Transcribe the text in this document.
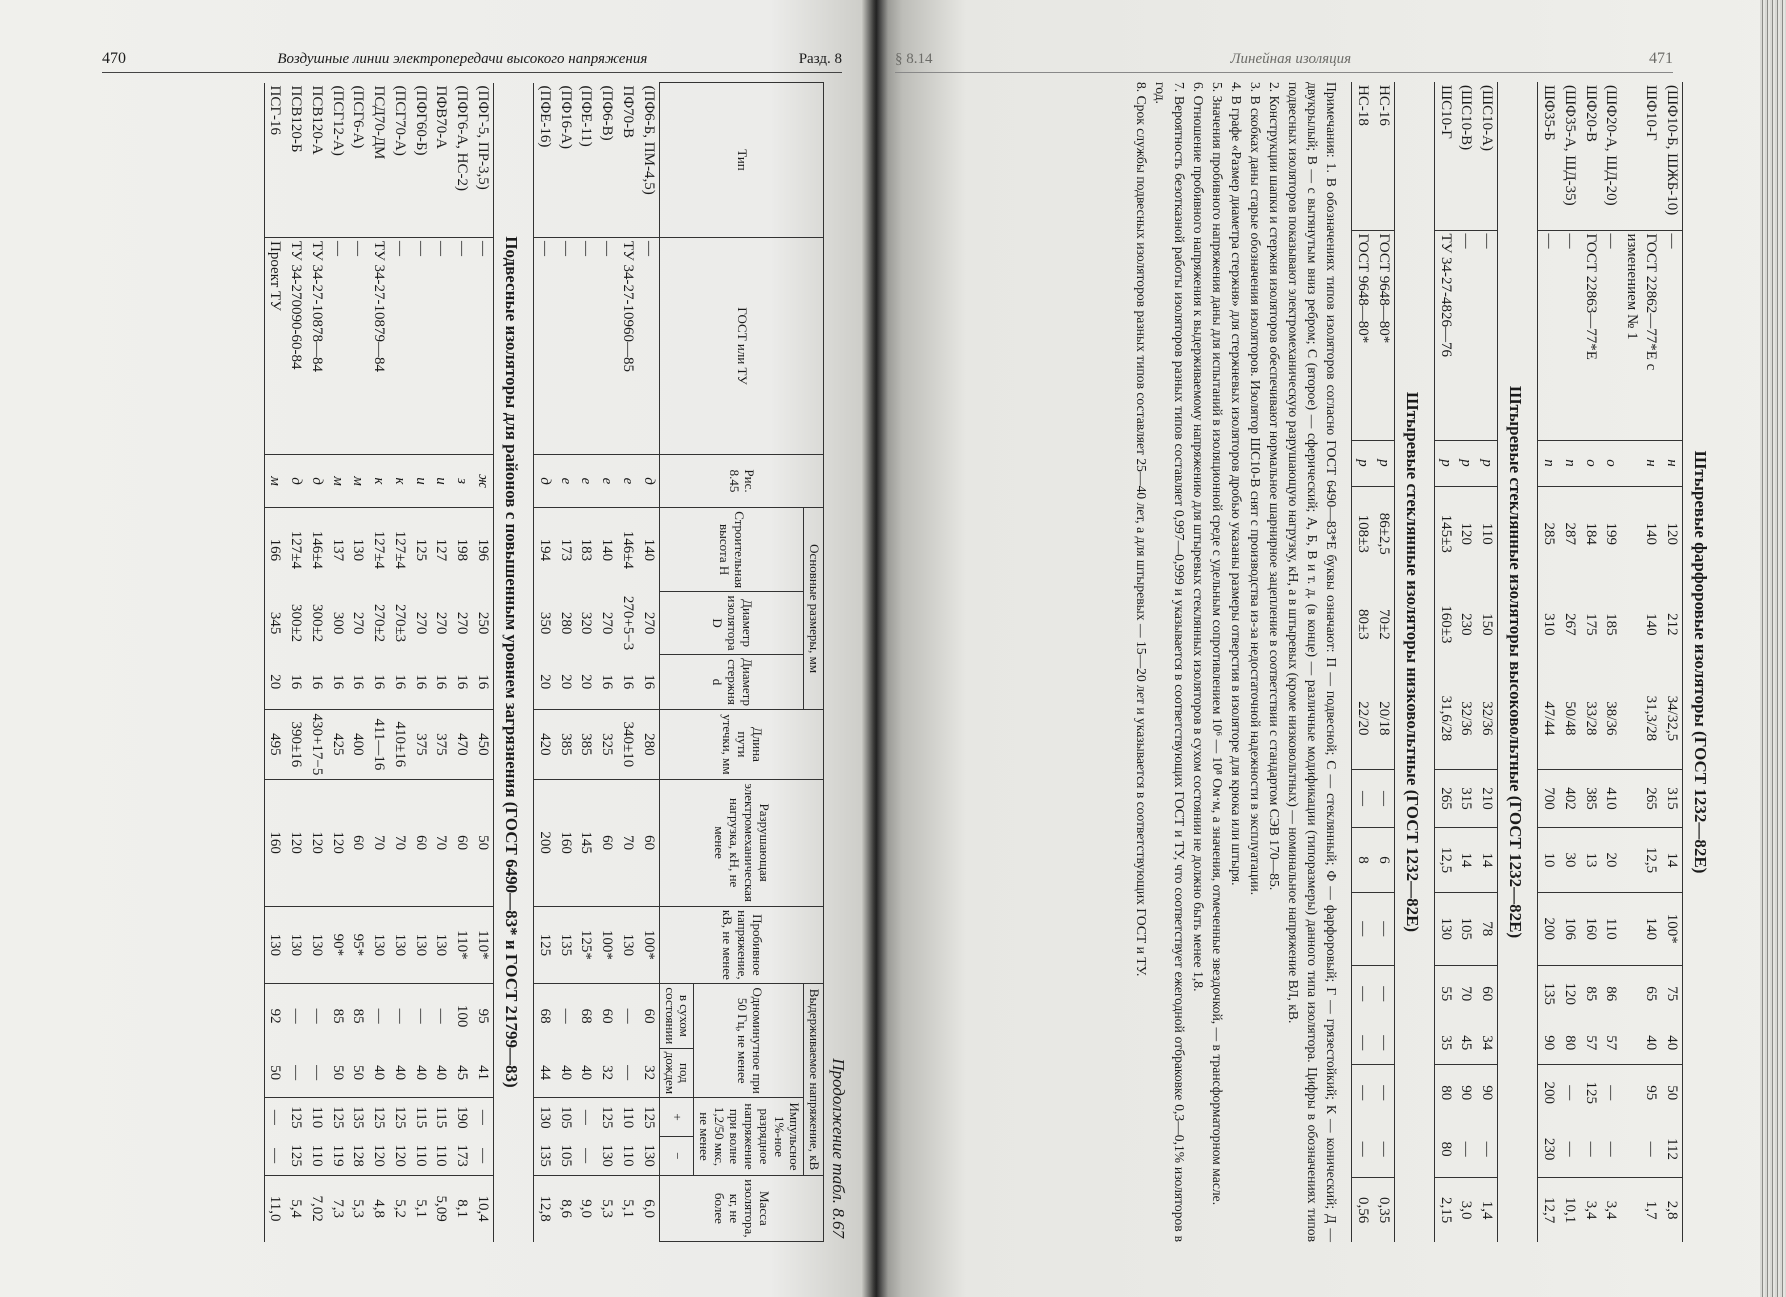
470	Воздушные линии электропередачи высокого напряжения	Разд. 8	§ 8.14	Линейная изоляция	471
Продолжение табл. 8.67
Тип	ГОСТ или ТУ	Рис. 8.45	Основные размеры, мм			Длина пути утечки, мм	Разрушающая электромеханическая нагрузка, кН, не менее	Пробивное напряжение, кВ, не менее	Выдерживаемое напряжение, кВ				Масса изолятора, кг, не более
			Строительная высота H	Диаметр изолятора D	Диаметр стержня d				Одноминутное при 50 Гц, не менее		Импульсное 1%-ное разрядное напряжение при волне 1,2/50 мкс, не менее		
									в сухом состоянии	под дождем	+	−	
(ПФ6-Б, ПМ-4,5)	—	д	140	270	16	280	60	100*	60	32	125	130	6,0
ПФ70-В	ТУ 34-27-10960—85	е	146±4	270+5−3	16	340±10	70	130	—	—	110	110	5,1
(ПФ6-В)	—	е	140	270	16	325	60	100*	60	32	125	130	5,3
(ПФЕ-11)	—	е	183	320	20	385	145	125*	68	40	—	—	9,0
(ПФ16-А)	—	е	173	280	20	385	160	135	—	40	105	105	8,6
(ПФЕ-16)	—	д	194	350	20	420	200	125	68	44	130	135	12,8

Подвесные изоляторы для районов с повышенным уровнем загрязнения (ГОСТ 6490—83* и ГОСТ 21799—83)													

(ПФГ-5, ПР-3,5)	—	ж	196	250	16	450	50	110*	95	41	—	—	10,4
(ПФГ6-А, НС-2)	—	з	198	270	16	470	60	110*	100	45	190	173	8,1
ПФВ70-А	—	и	127	270	16	375	70	130	—	40	115	110	5,09
(ПФГ60-Б)	—	и	125	270	16	375	60	130	—	40	115	110	5,1
(ПСГ70-А)	—	к	127±4	270±3	16	410±16	70	130	—	40	125	120	5,2
ПСД70-ДМ	ТУ 34-27-10879—84	к	127±4	270±2	16	411—16	70	130	—	40	125	120	4,8
(ПСГ6-А)	—	м	130	270	16	400	60	95*	85	50	135	128	5,3
(ПСГ12-А)	—	м	137	300	16	425	120	90*	85	50	125	119	7,3
ПСВ120-А	ТУ 34-27-10878—84	д	146±4	300±2	16	430+17−5	120	130	—	—	110	110	7,02
ПСВ120-Б	ТУ 34-270090-60-84	д	127±4	300±2	16	390±16	120	130	—	—	125	125	5,4
ПСГ-16	Проект ТУ	м	166	345	20	495	160	130	92	50	—	—	11,0
Штыревые фарфоровые изоляторы (ГОСТ 1232—82Е)													

(ШФ10-Б, ШЖБ-10)	—	н	120	212	34/32,5	315	14	100*	75	40	50	112	2,8
ШФ10-Г	ГОСТ 22862—77*Е с изменением № 1	н	140	140	31,3/28	265	12,5	140	65	40	95	—	1,7
(ШФ20-А, ШД-20)	—	о	199	185	38/36	410	20	110	86	57	—	—	3,4
ШФ20-В	ГОСТ 22863—77*Е	о	184	175	33/28	385	13	160	85	57	125	—	3,4
(ШФ35-А, ШД-35)	—	п	287	267	50/48	402	30	106	120	80	—	—	10,1
ШФ35-Б	—	п	285	310	47/44	700	10	200	135	90	200	230	12,7

Штыревые стеклянные изоляторы высоковольтные (ГОСТ 1232—82Е)													

(ШС10-А)	—	р	110	150	32/36	210	14	78	60	34	90	—	1,4
(ШС10-В)	—	р	120	230	32/36	315	14	105	70	45	90	—	3,0
ШС10-Г	ТУ 34-27-4826—76	р	145±3	160±3	31,6/28	265	12,5	130	55	35	80	80	2,15

Штыревые стеклянные изоляторы низковольтные (ГОСТ 1232—82Е)													

НС-16	ГОСТ 9648—80*	р	86±2,5	70±2	20/18	—	6	—	—	—	—	—	0,35
НС-18	ГОСТ 9648—80*	р	108±3	80±3	22/20	—	8	—	—	—	—	—	0,56

Примечания: 1. В обозначениях типов изоляторов согласно ГОСТ 6490—83*Е буквы означают: П — подвесной; С — стеклянный; Ф — фарфоровый; Г — грязестойкий; К — конический; Д — двукрылый; В — с вытянутым вниз ребром; С (второе) — сферический; А, Б, В и т. д. (в конце) — различные модификации (типоразмеры) данного типа изолятора. Цифры в обозначениях типов подвесных изоляторов показывают электромеханическую разрушающую нагрузку, кН, а в штыревых (кроме низковольтных) — номинальное напряжение ВЛ, кВ.

2. Конструкции шапки и стержня изоляторов обеспечивают нормальное шарнирное зацепление в соответствии с стандартом СЭВ 170—85.

3. В скобках даны старые обозначения изоляторов. Изолятор ШС10-В снят с производства из-за недостаточной надежности в эксплуатации.

4. В графе «Размер диаметра стержня» для стержневых изоляторов дробью указаны размеры отверстия в изоляторе для крюка или штыря.

5. Значения пробивного напряжения даны для испытаний в изоляционной среде с удельным сопротивлением 10⁶ — 10⁸ Ом·м, а значения, отмеченные звездочкой, — в трансформаторном масле.

6. Отношение пробивного напряжения к выдерживаемому напряжению для штыревых стеклянных изоляторов в сухом состоянии не должно быть менее 1,8.

7. Вероятность безотказной работы изоляторов разных типов составляет 0,997—0,999 и указывается в соответствующих ГОСТ и ТУ, что соответствует ежегодной отбраковке 0,3—0,1% изоляторов в год.

8. Срок службы подвесных изоляторов разных типов составляет 25—40 лет, а для штыревых — 15—20 лет и указывается в соответствующих ГОСТ и ТУ.
